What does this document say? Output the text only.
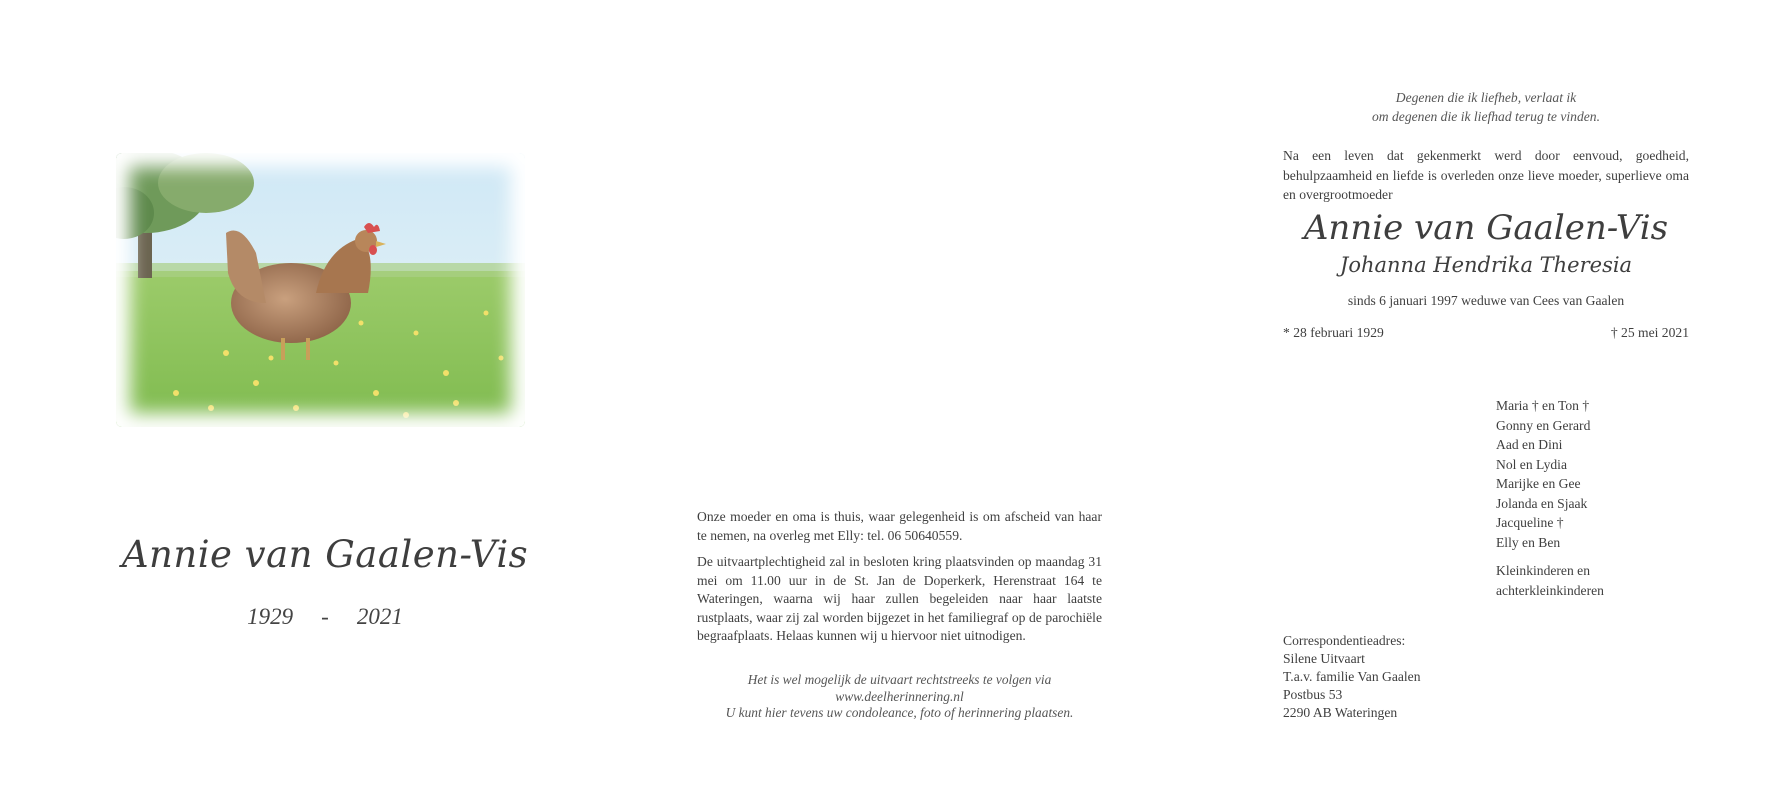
Annie van Gaalen-Vis
1929 - 2021

Onze moeder en oma is thuis, waar gelegenheid is om afscheid van haar te nemen, na overleg met Elly: tel. 06 50640559.

De uitvaartplechtigheid zal in besloten kring plaatsvinden op maandag 31 mei om 11.00 uur in de St. Jan de Doperkerk, Herenstraat 164 te Wateringen, waarna wij haar zullen begeleiden naar haar laatste rustplaats, waar zij zal worden bijgezet in het familiegraf op de parochiële begraafplaats. Helaas kunnen wij u hiervoor niet uitnodigen.

Het is wel mogelijk de uitvaart rechtstreeks te volgen via
www.deelherinnering.nl
U kunt hier tevens uw condoleance, foto of herinnering plaatsen.
Degenen die ik liefheb, verlaat ik
om degenen die ik liefhad terug te vinden.
Na een leven dat gekenmerkt werd door eenvoud, goedheid, behulpzaamheid en liefde is overleden onze lieve moeder, superlieve oma en overgrootmoeder
Annie van Gaalen-Vis
Johanna Hendrika Theresia
sinds 6 januari 1997 weduwe van Cees van Gaalen
* 28 februari 1929	† 25 mei 2021
Maria † en Ton †
Gonny en Gerard
Aad en Dini
Nol en Lydia
Marijke en Gee
Jolanda en Sjaak
Jacqueline †
Elly en Ben
Kleinkinderen en
achterkleinkinderen
Correspondentieadres:
Silene Uitvaart
T.a.v. familie Van Gaalen
Postbus 53
2290 AB Wateringen
